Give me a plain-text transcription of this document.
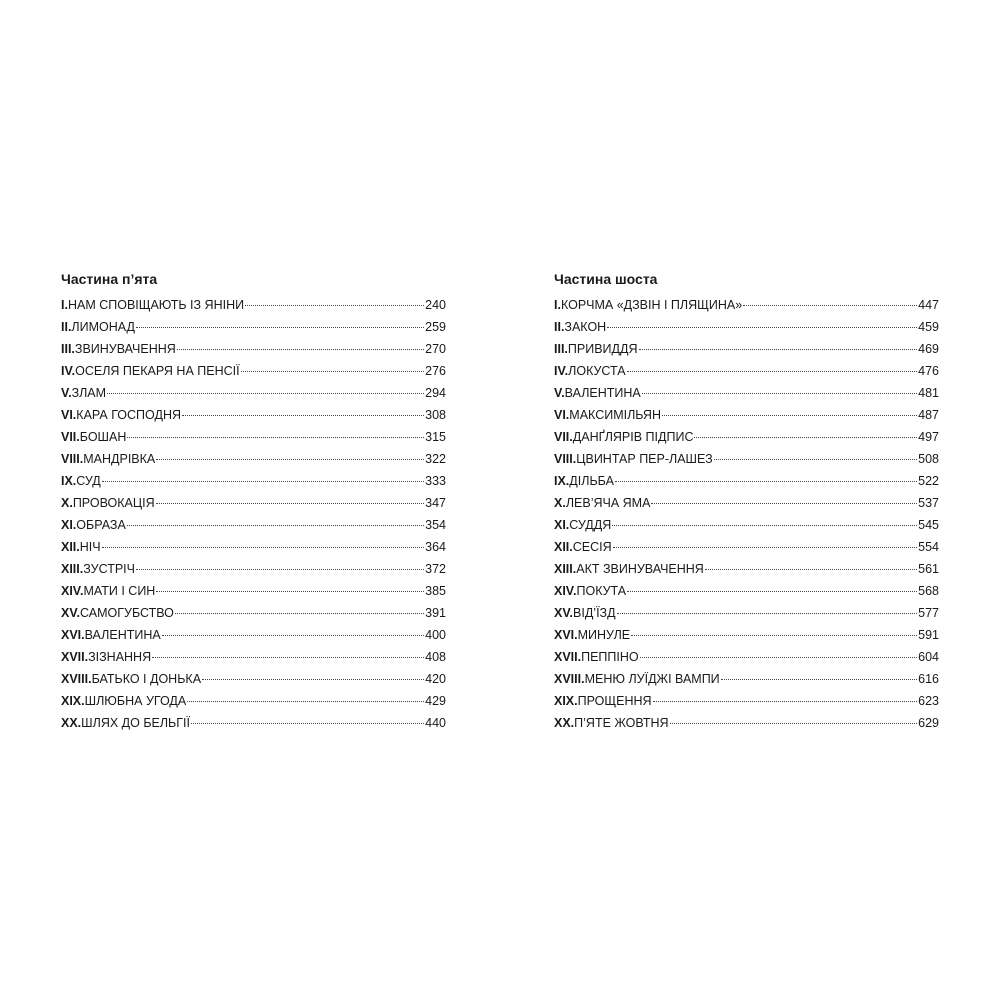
Частина п’ята
I. НАМ СПОВІЩАЮТЬ ІЗ ЯНІНИ	240
II. ЛИМОНАД	259
III. ЗВИНУВАЧЕННЯ	270
IV. ОСЕЛЯ ПЕКАРЯ НА ПЕНСІЇ	276
V. ЗЛАМ	294
VI. КАРА ГОСПОДНЯ	308
VII. БОШАН	315
VIII. МАНДРІВКА	322
IX. СУД	333
X. ПРОВОКАЦІЯ	347
XI. ОБРАЗА	354
XII. НІЧ	364
XIII. ЗУСТРІЧ	372
XIV. МАТИ І СИН	385
XV. САМОГУБСТВО	391
XVI. ВАЛЕНТИНА	400
XVII. ЗІЗНАННЯ	408
XVIII. БАТЬКО І ДОНЬКА	420
XIX. ШЛЮБНА УГОДА	429
XX. ШЛЯХ ДО БЕЛЬГІЇ	440
Частина шоста
I. КОРЧМА «ДЗВІН І ПЛЯЩИНА»	447
II. ЗАКОН	459
III. ПРИВИДДЯ	469
IV. ЛОКУСТА	476
V. ВАЛЕНТИНА	481
VI. МАКСИМІЛЬЯН	487
VII. ДАНҐЛЯРІВ ПІДПИС	497
VIII. ЦВИНТАР ПЕР-ЛАШЕЗ	508
IX. ДІЛЬБА	522
X. ЛЕВ’ЯЧА ЯМА	537
XI. СУДДЯ	545
XII. СЕСІЯ	554
XIII. АКТ ЗВИНУВАЧЕННЯ	561
XIV. ПОКУТА	568
XV. ВІД’ЇЗД	577
XVI. МИНУЛЕ	591
XVII. ПЕППІНО	604
XVIII. МЕНЮ ЛУЇДЖІ ВАМПИ	616
XIX. ПРОЩЕННЯ	623
XX. П’ЯТЕ ЖОВТНЯ	629
